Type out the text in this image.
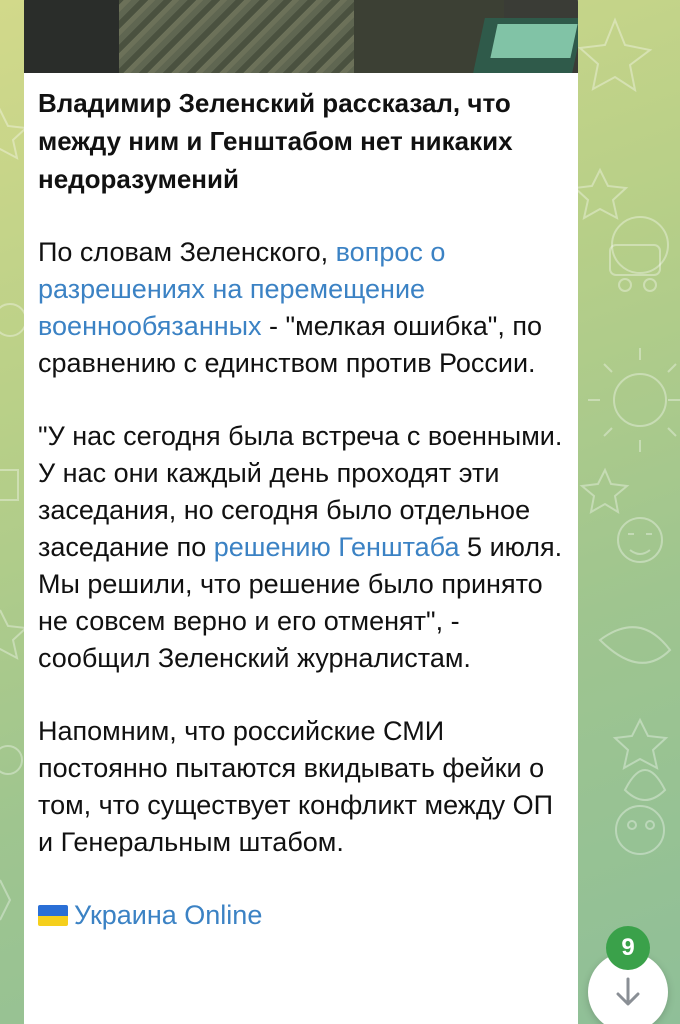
Владимир Зеленский рассказал, что между ним и Генштабом нет никаких недоразумений

По словам Зеленского, вопрос о разрешениях на перемещение военнообязанных - "мелкая ошибка", по сравнению с единством против России.

"У нас сегодня была встреча с военными. У нас они каждый день проходят эти заседания, но сегодня было отдельное заседание по решению Генштаба 5 июля. Мы решили, что решение было принято не совсем верно и его отменят", - сообщил Зеленский журналистам.

Напомним, что российские СМИ постоянно пытаются вкидывать фейки о том, что существует конфликт между ОП и Генеральным штабом.

Украина Online
9
